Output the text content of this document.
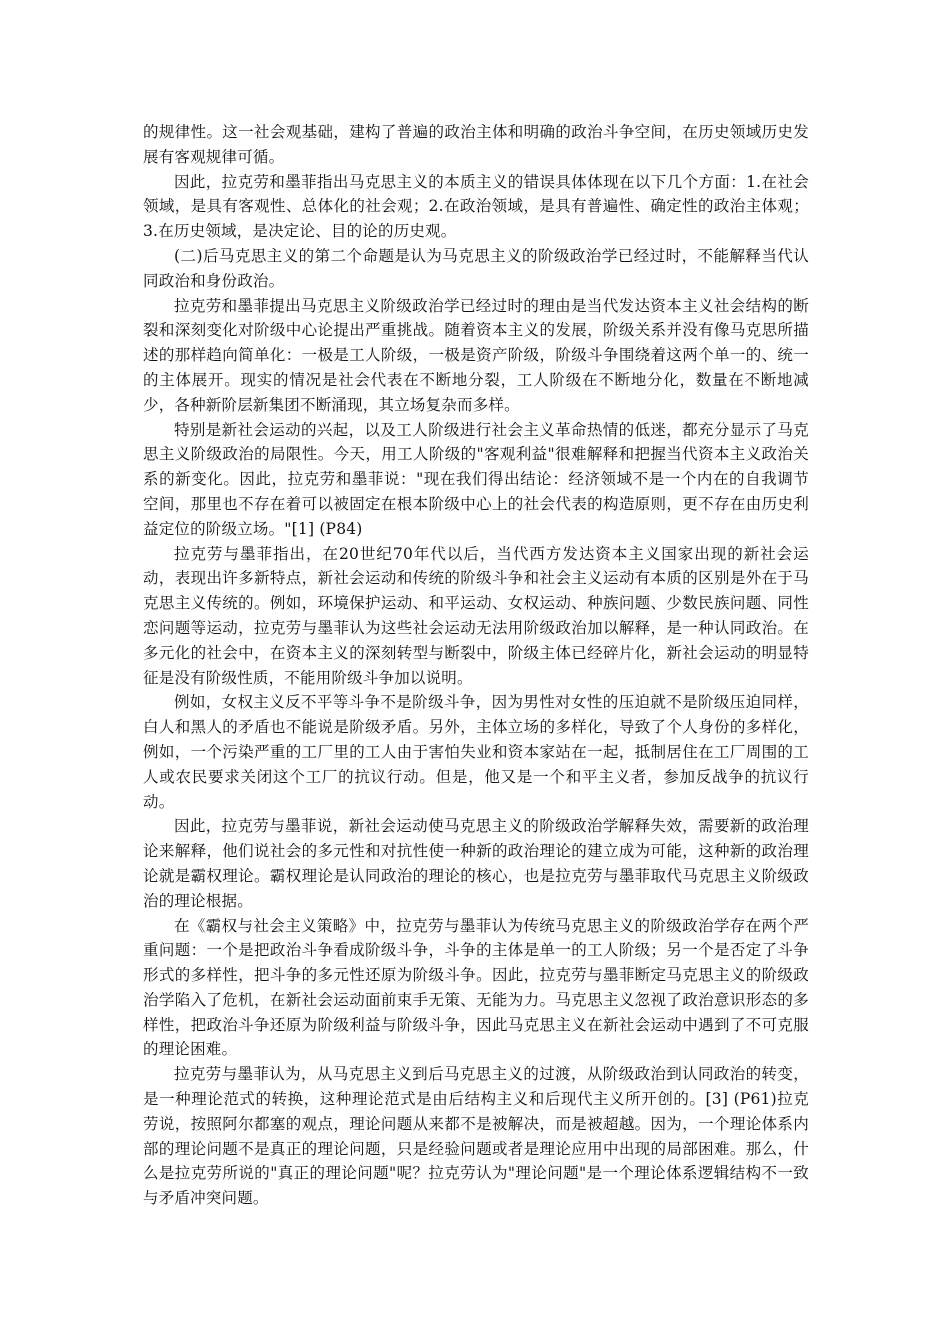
的规律性。这一社会观基础，建构了普遍的政治主体和明确的政治斗争空间，在历史领域历史发展有客观规律可循。

因此，拉克劳和墨菲指出马克思主义的本质主义的错误具体体现在以下几个方面：1.在社会领域，是具有客观性、总体化的社会观；2.在政治领域，是具有普遍性、确定性的政治主体观；3.在历史领域，是决定论、目的论的历史观。

(二)后马克思主义的第二个命题是认为马克思主义的阶级政治学已经过时，不能解释当代认同政治和身份政治。

拉克劳和墨菲提出马克思主义阶级政治学已经过时的理由是当代发达资本主义社会结构的断裂和深刻变化对阶级中心论提出严重挑战。随着资本主义的发展，阶级关系并没有像马克思所描述的那样趋向简单化：一极是工人阶级，一极是资产阶级，阶级斗争围绕着这两个单一的、统一的主体展开。现实的情况是社会代表在不断地分裂，工人阶级在不断地分化，数量在不断地减少，各种新阶层新集团不断涌现，其立场复杂而多样。

特别是新社会运动的兴起，以及工人阶级进行社会主义革命热情的低迷，都充分显示了马克思主义阶级政治的局限性。今天，用工人阶级的"客观利益"很难解释和把握当代资本主义政治关系的新变化。因此，拉克劳和墨菲说："现在我们得出结论：经济领域不是一个内在的自我调节空间，那里也不存在着可以被固定在根本阶级中心上的社会代表的构造原则，更不存在由历史利益定位的阶级立场。"[1] (P84)

拉克劳与墨菲指出，在20世纪70年代以后，当代西方发达资本主义国家出现的新社会运动，表现出许多新特点，新社会运动和传统的阶级斗争和社会主义运动有本质的区别是外在于马克思主义传统的。例如，环境保护运动、和平运动、女权运动、种族问题、少数民族问题、同性恋问题等运动，拉克劳与墨菲认为这些社会运动无法用阶级政治加以解释，是一种认同政治。在多元化的社会中，在资本主义的深刻转型与断裂中，阶级主体已经碎片化，新社会运动的明显特征是没有阶级性质，不能用阶级斗争加以说明。

例如，女权主义反不平等斗争不是阶级斗争，因为男性对女性的压迫就不是阶级压迫同样，白人和黑人的矛盾也不能说是阶级矛盾。另外，主体立场的多样化，导致了个人身份的多样化，例如，一个污染严重的工厂里的工人由于害怕失业和资本家站在一起，抵制居住在工厂周围的工人或农民要求关闭这个工厂的抗议行动。但是，他又是一个和平主义者，参加反战争的抗议行动。

因此，拉克劳与墨菲说，新社会运动使马克思主义的阶级政治学解释失效，需要新的政治理论来解释，他们说社会的多元性和对抗性使一种新的政治理论的建立成为可能，这种新的政治理论就是霸权理论。霸权理论是认同政治的理论的核心，也是拉克劳与墨菲取代马克思主义阶级政治的理论根据。

在《霸权与社会主义策略》中，拉克劳与墨菲认为传统马克思主义的阶级政治学存在两个严重问题：一个是把政治斗争看成阶级斗争，斗争的主体是单一的工人阶级；另一个是否定了斗争形式的多样性，把斗争的多元性还原为阶级斗争。因此，拉克劳与墨菲断定马克思主义的阶级政治学陷入了危机，在新社会运动面前束手无策、无能为力。马克思主义忽视了政治意识形态的多样性，把政治斗争还原为阶级利益与阶级斗争，因此马克思主义在新社会运动中遇到了不可克服的理论困难。

拉克劳与墨菲认为，从马克思主义到后马克思主义的过渡，从阶级政治到认同政治的转变，是一种理论范式的转换，这种理论范式是由后结构主义和后现代主义所开创的。[3] (P61)拉克劳说，按照阿尔都塞的观点，理论问题从来都不是被解决，而是被超越。因为，一个理论体系内部的理论问题不是真正的理论问题，只是经验问题或者是理论应用中出现的局部困难。那么，什么是拉克劳所说的"真正的理论问题"呢？拉克劳认为"理论问题"是一个理论体系逻辑结构不一致与矛盾冲突问题。
